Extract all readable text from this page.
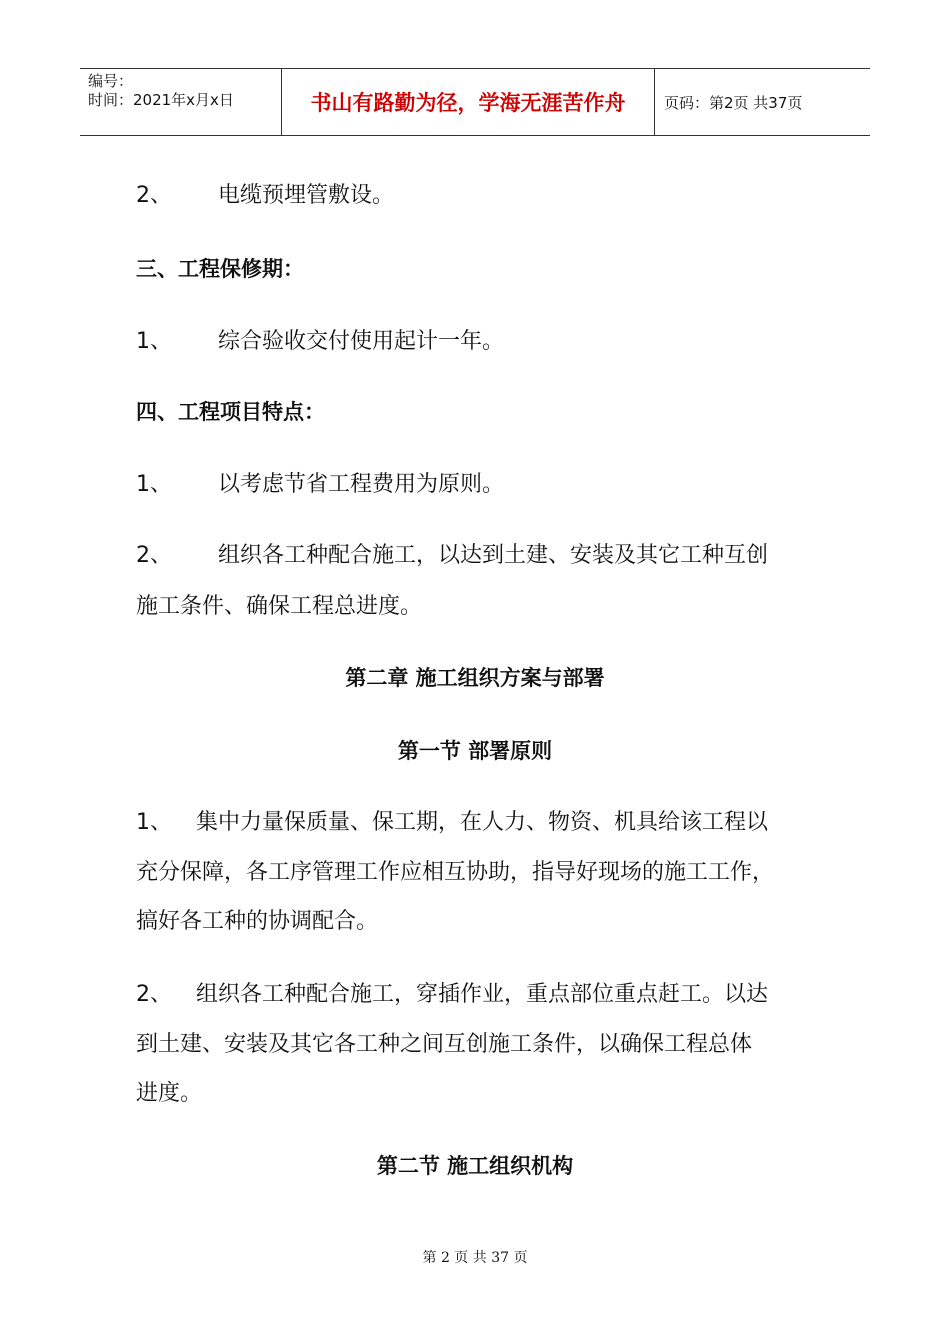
编号：
时间：2021年x月x日	书山有路勤为径，学海无涯苦作舟	页码：第2页 共37页
2、 电缆预埋管敷设。
三、工程保修期：
1、 综合验收交付使用起计一年。
四、工程项目特点：
1、 以考虑节省工程费用为原则。
2、 组织各工种配合施工，以达到土建、安装及其它工种互创
施工条件、确保工程总进度。
第二章 施工组织方案与部署
第一节 部署原则
1、 集中力量保质量、保工期，在人力、物资、机具给该工程以
充分保障，各工序管理工作应相互协助，指导好现场的施工工作，
搞好各工种的协调配合。
2、 组织各工种配合施工，穿插作业，重点部位重点赶工。以达
到土建、安装及其它各工种之间互创施工条件，以确保工程总体
进度。
第二节 施工组织机构
第 2 页 共 37 页
